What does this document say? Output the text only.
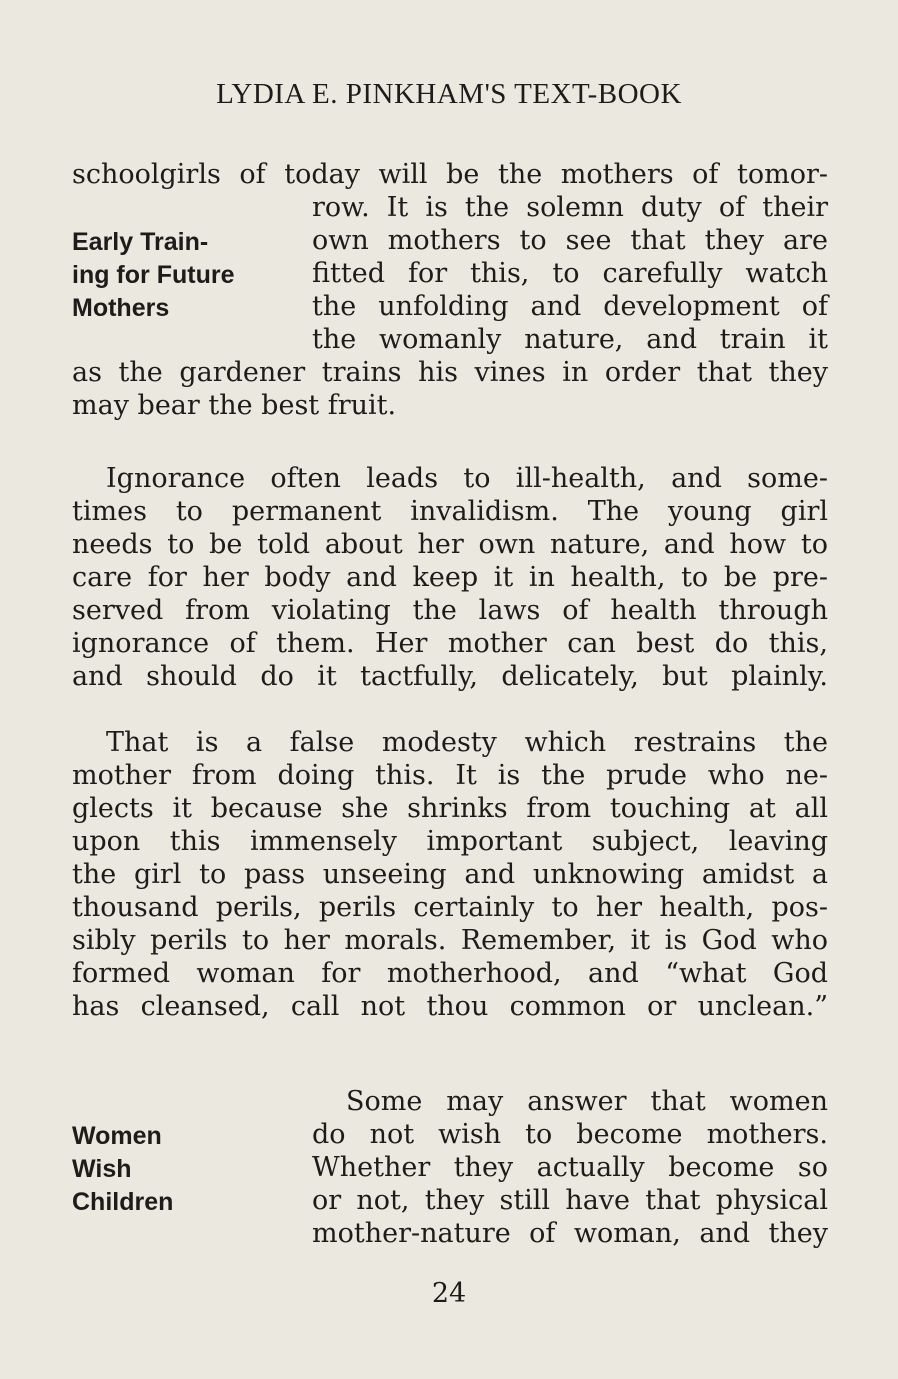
LYDIA E. PINKHAM'S TEXT-BOOK
schoolgirls of today will be the mothers of tomor-
row. It is the solemn duty of their
own mothers to see that they are
fitted for this, to carefully watch
the unfolding and development of
the womanly nature, and train it
as the gardener trains his vines in order that they
may bear the best fruit.
Early Train-
ing for Future
Mothers
Ignorance often leads to ill-health, and some-
times to permanent invalidism. The young girl
needs to be told about her own nature, and how to
care for her body and keep it in health, to be pre-
served from violating the laws of health through
ignorance of them. Her mother can best do this,
and should do it tactfully, delicately, but plainly.
That is a false modesty which restrains the
mother from doing this. It is the prude who ne-
glects it because she shrinks from touching at all
upon this immensely important subject, leaving
the girl to pass unseeing and unknowing amidst a
thousand perils, perils certainly to her health, pos-
sibly perils to her morals. Remember, it is God who
formed woman for motherhood, and “what God
has cleansed, call not thou common or unclean.”
Some may answer that women
do not wish to become mothers.
Whether they actually become so
or not, they still have that physical
mother-nature of woman, and they
Women
Wish
Children
24
